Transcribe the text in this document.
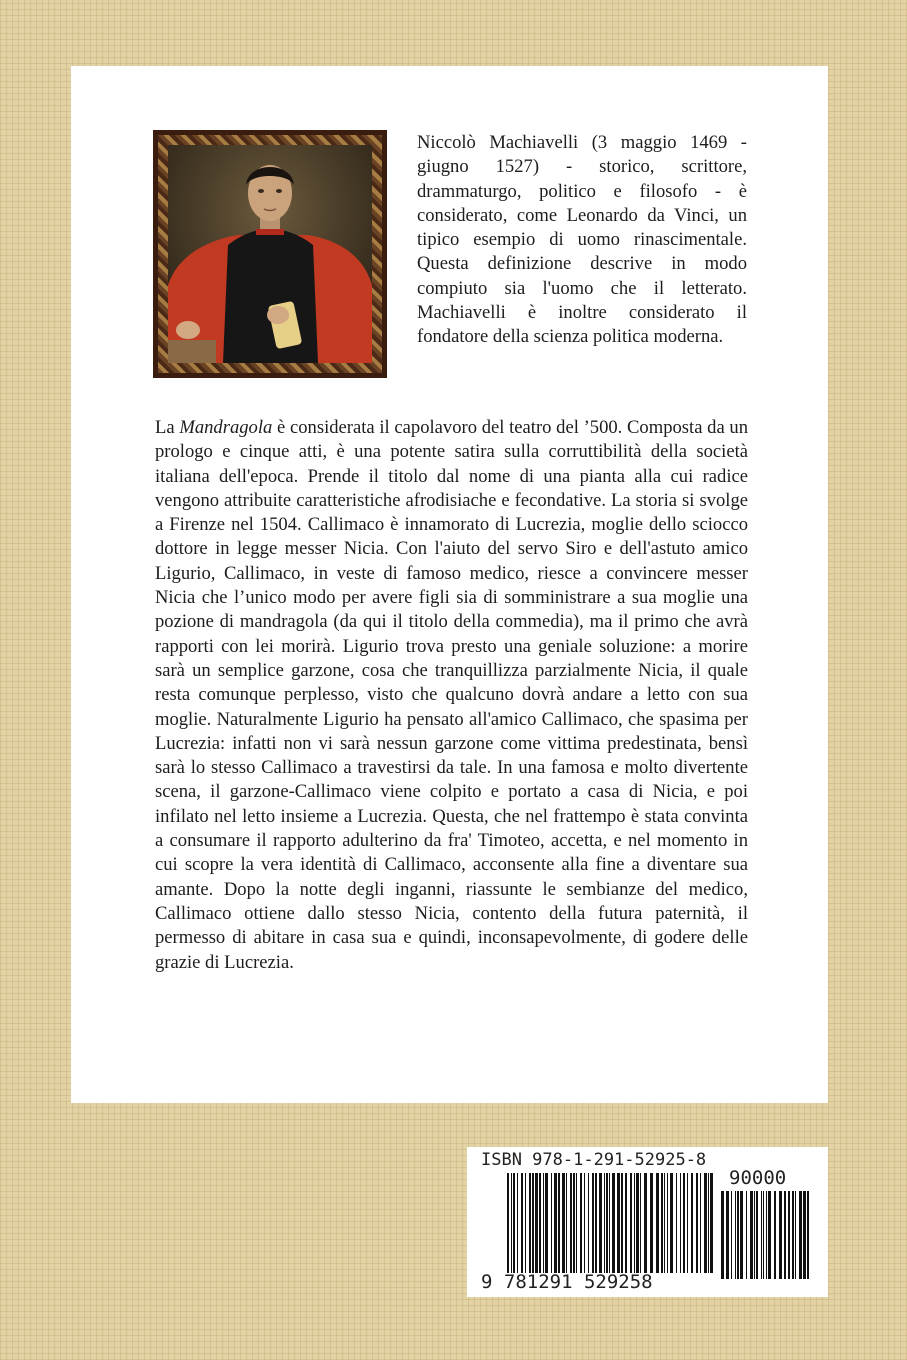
Niccolò Machiavelli (3 maggio 1469 - giugno 1527) - storico, scrittore, drammaturgo, politico e filosofo - è considerato, come Leonardo da Vinci, un tipico esempio di uomo rinascimentale. Questa definizione descrive in modo compiuto sia l'uomo che il letterato. Machiavelli è inoltre considerato il fondatore della scienza politica moderna.

La Mandragola è considerata il capolavoro del teatro del ’500. Composta da un prologo e cinque atti, è una potente satira sulla corruttibilità della società italiana dell'epoca. Prende il titolo dal nome di una pianta alla cui radice vengono attribuite caratteristiche afrodisiache e fecondative. La storia si svolge a Firenze nel 1504. Callimaco è innamorato di Lucrezia, moglie dello sciocco dottore in legge messer Nicia. Con l'aiuto del servo Siro e dell'astuto amico Ligurio, Callimaco, in veste di famoso medico, riesce a convincere messer Nicia che l’unico modo per avere figli sia di somministrare a sua moglie una pozione di mandragola (da qui il titolo della commedia), ma il primo che avrà rapporti con lei morirà. Ligurio trova presto una geniale soluzione: a morire sarà un semplice garzone, cosa che tranquillizza parzialmente Nicia, il quale resta comunque perplesso, visto che qualcuno dovrà andare a letto con sua moglie. Naturalmente Ligurio ha pensato all'amico Callimaco, che spasima per Lucrezia: infatti non vi sarà nessun garzone come vittima predestinata, bensì sarà lo stesso Callimaco a travestirsi da tale. In una famosa e molto divertente scena, il garzone-Callimaco viene colpito e portato a casa di Nicia, e poi infilato nel letto insieme a Lucrezia. Questa, che nel frattempo è stata convinta a consumare il rapporto adulterino da fra' Timoteo, accetta, e nel momento in cui scopre la vera identità di Callimaco, acconsente alla fine a diventare sua amante. Dopo la notte degli inganni, riassunte le sembianze del medico, Callimaco ottiene dallo stesso Nicia, contento della futura paternità, il permesso di abitare in casa sua e quindi, inconsapevolmente, di godere delle grazie di Lucrezia.

ISBN 978-1-291-52925-8
9 781291 529258
90000
